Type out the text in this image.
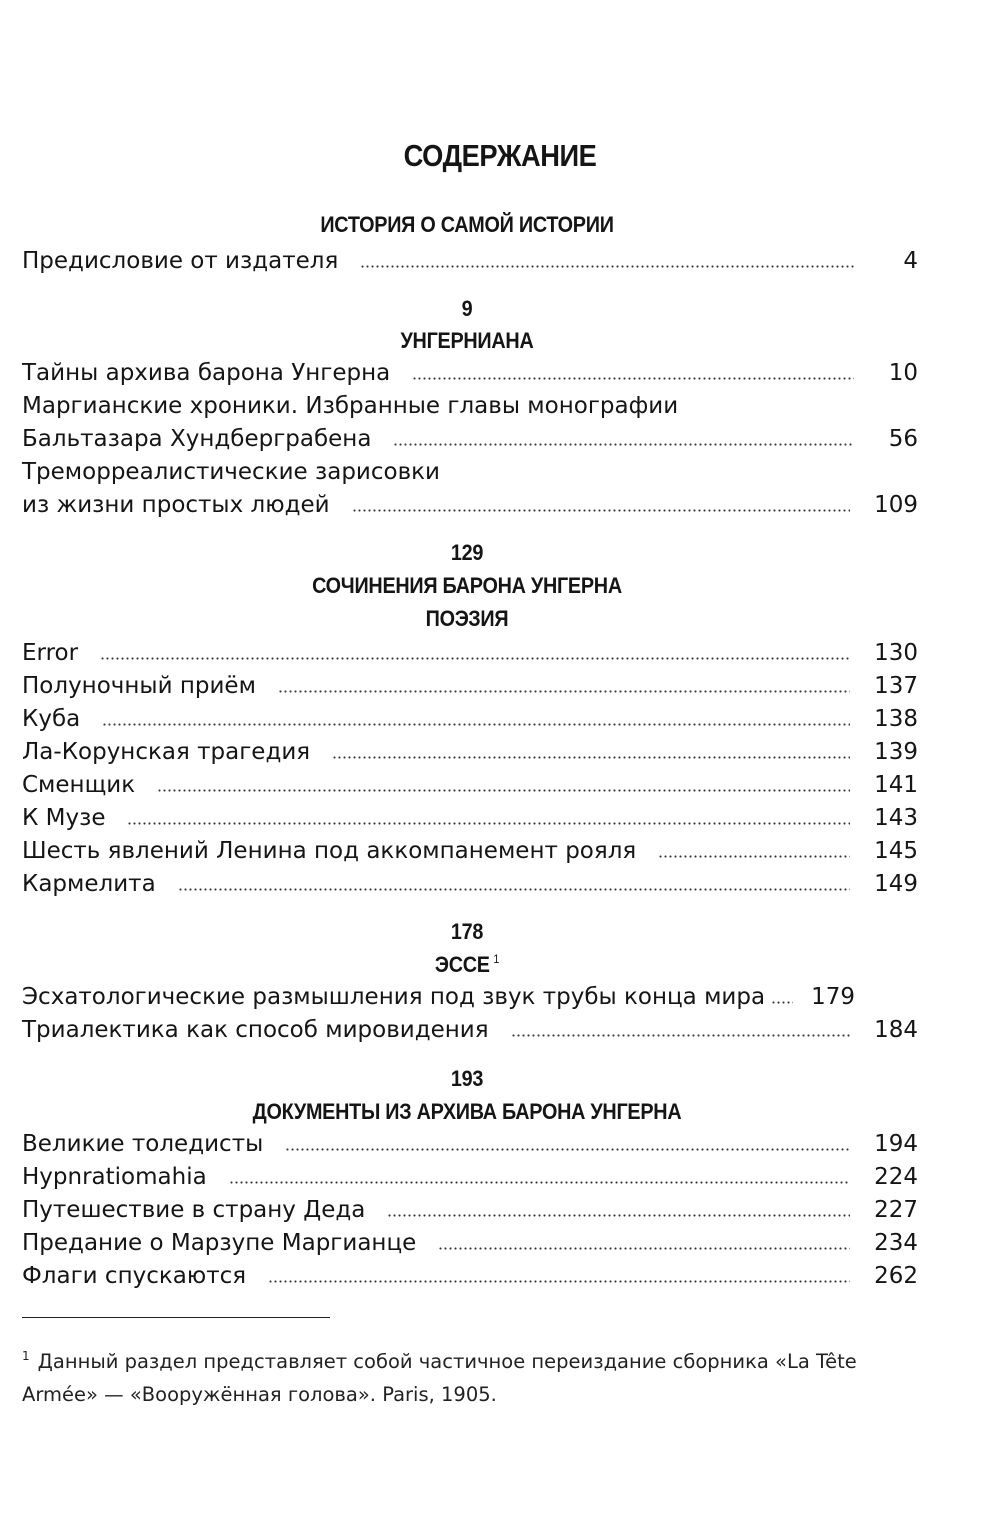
СОДЕРЖАНИЕ
ИСТОРИЯ О САМОЙ ИСТОРИИ
Предисловие от издателя	4
9
УНГЕРНИАНА
Тайны архива барона Унгерна	10
Маргианские хроники. Избранные главы монографии
Бальтазара Хундберграбена	56
Треморреалистические зарисовки
из жизни простых людей	109
129
СОЧИНЕНИЯ БАРОНА УНГЕРНА
ПОЭЗИЯ
Error	130
Полуночный приём	137
Куба	138
Ла-Корунская трагедия	139
Сменщик	141
К Музе	143
Шесть явлений Ленина под аккомпанемент рояля	145
Кармелита	149
178
ЭССЕ $^1$
Эсхатологические размышления под звук трубы конца мира 179
Триалектика как способ мировидения	184
193
ДОКУМЕНТЫ ИЗ АРХИВА БАРОНА УНГЕРНА
Великие толедисты	194
Hypnratiomahia	224
Путешествие в страну Деда	227
Предание о Марзупе Маргианце	234
Флаги спускаются	262
$^1$ Данный раздел представляет собой частичное переиздание сборника «La Tête Armée» — «Вооружённая голова». Paris, 1905.
